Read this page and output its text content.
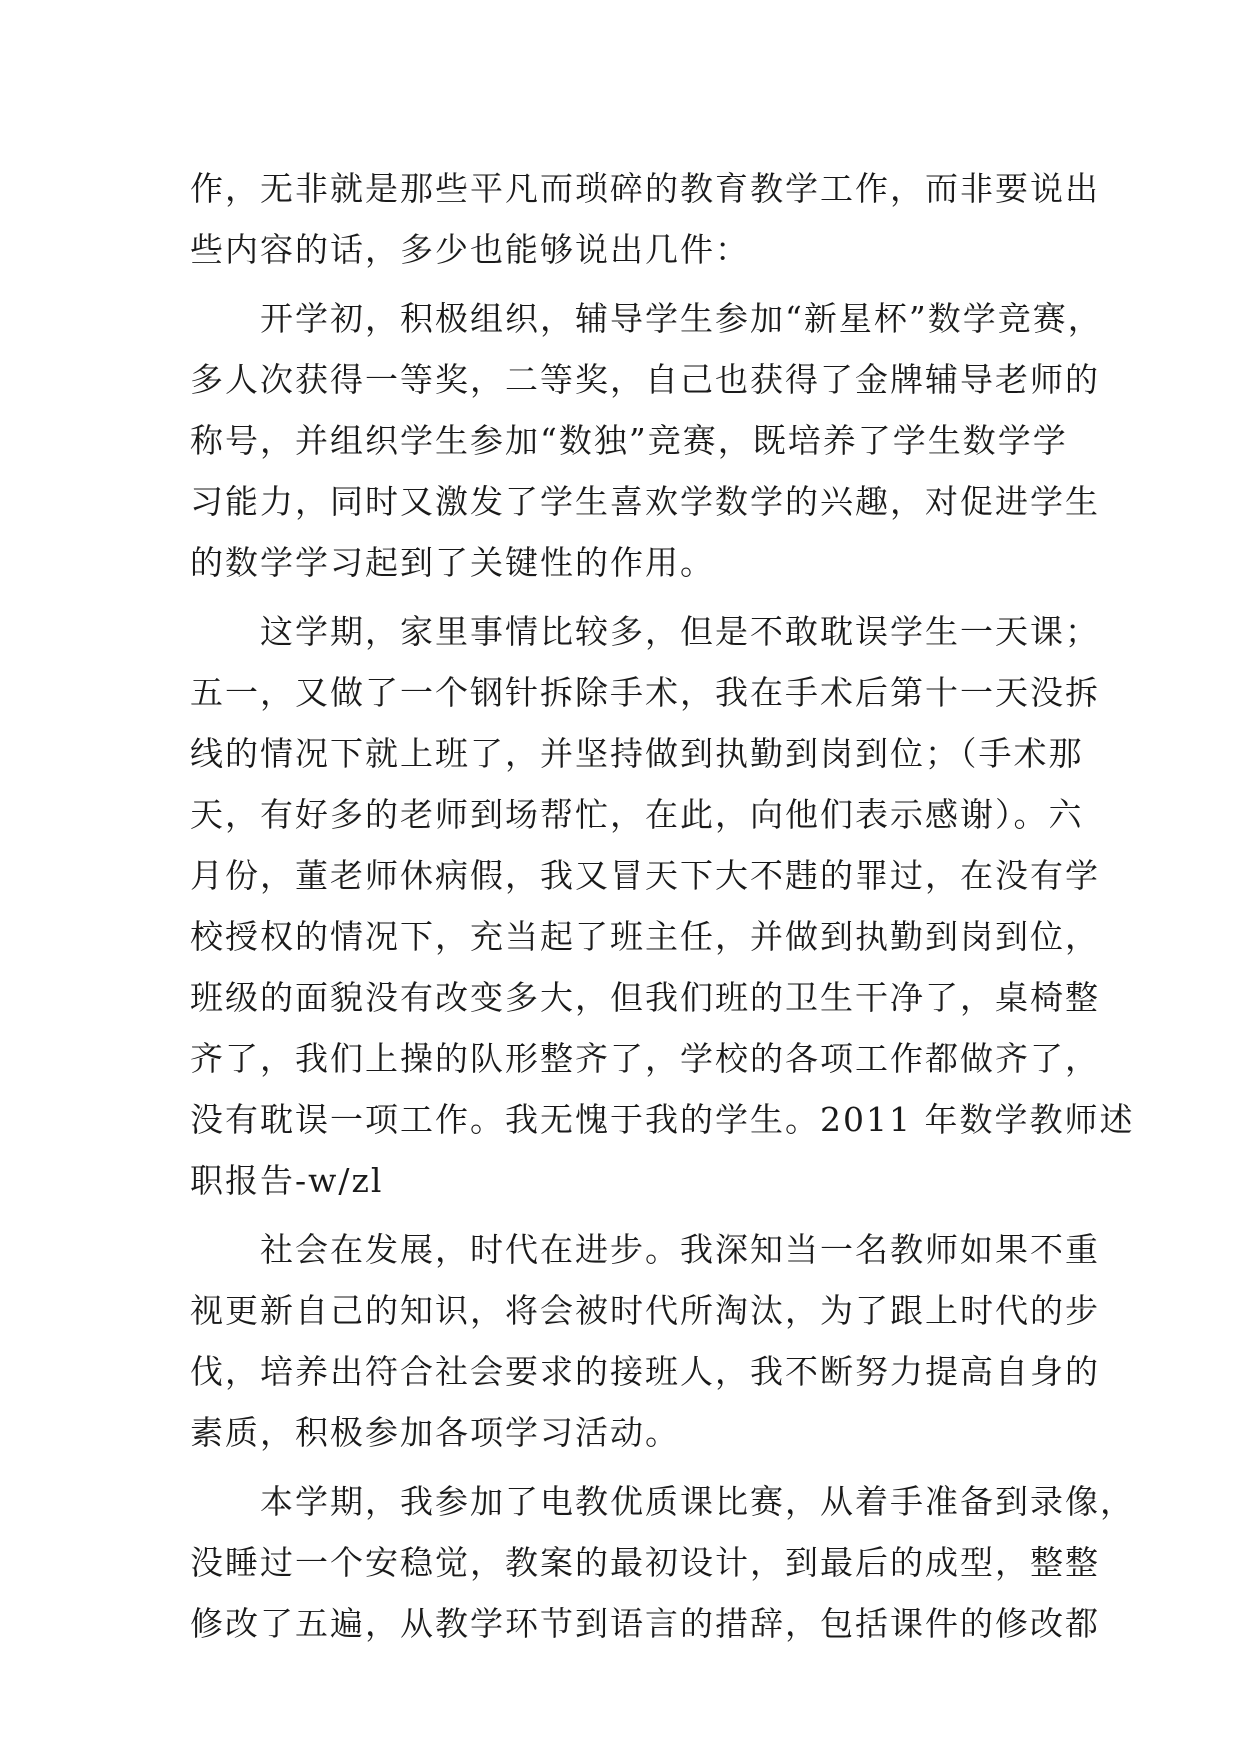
作，无非就是那些平凡而琐碎的教育教学工作，而非要说出
些内容的话，多少也能够说出几件：
　　开学初，积极组织，辅导学生参加“新星杯”数学竞赛，
多人次获得一等奖，二等奖，自己也获得了金牌辅导老师的
称号，并组织学生参加“数独”竞赛，既培养了学生数学学
习能力，同时又激发了学生喜欢学数学的兴趣，对促进学生
的数学学习起到了关键性的作用。
　　这学期，家里事情比较多，但是不敢耽误学生一天课；
五一，又做了一个钢针拆除手术，我在手术后第十一天没拆
线的情况下就上班了，并坚持做到执勤到岗到位；（手术那
天，有好多的老师到场帮忙，在此，向他们表示感谢）。六
月份，董老师休病假，我又冒天下大不韪的罪过，在没有学
校授权的情况下，充当起了班主任，并做到执勤到岗到位，
班级的面貌没有改变多大，但我们班的卫生干净了，桌椅整
齐了，我们上操的队形整齐了，学校的各项工作都做齐了，
没有耽误一项工作。我无愧于我的学生。2011 年数学教师述
职报告-w/zl
　　社会在发展，时代在进步。我深知当一名教师如果不重
视更新自己的知识，将会被时代所淘汰，为了跟上时代的步
伐，培养出符合社会要求的接班人，我不断努力提高自身的
素质，积极参加各项学习活动。
　　本学期，我参加了电教优质课比赛，从着手准备到录像，
没睡过一个安稳觉，教案的最初设计，到最后的成型，整整
修改了五遍，从教学环节到语言的措辞，包括课件的修改都
